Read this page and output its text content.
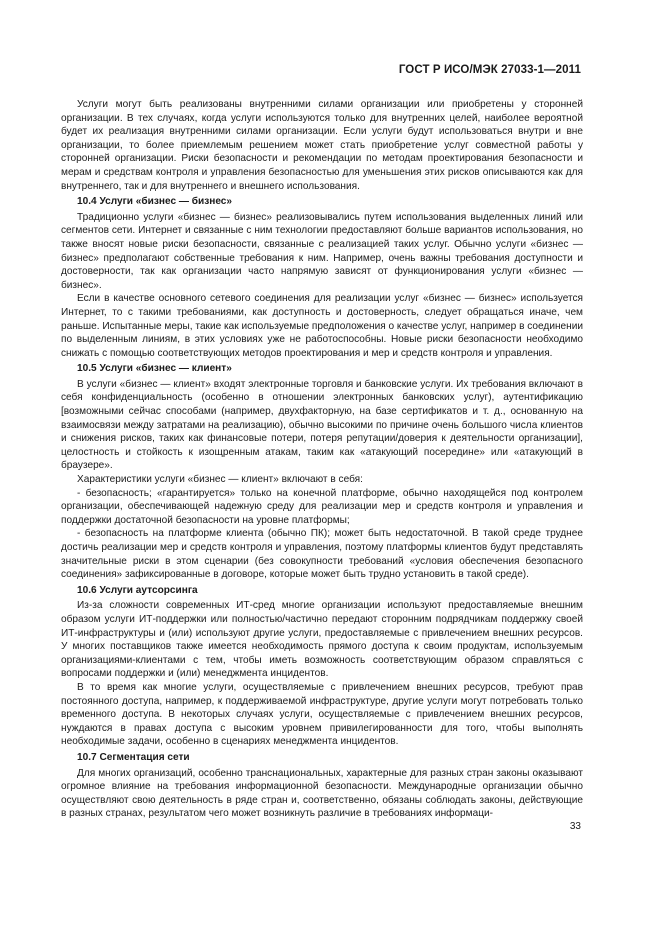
ГОСТ Р ИСО/МЭК 27033-1—2011

Услуги могут быть реализованы внутренними силами организации или приобретены у сторонней организации. В тех случаях, когда услуги используются только для внутренних целей, наиболее вероятной будет их реализация внутренними силами организации. Если услуги будут использоваться внутри и вне организации, то более приемлемым решением может стать приобретение услуг совместной работы у сторонней организации. Риски безопасности и рекомендации по методам проектирования безопасности и мерам и средствам контроля и управления безопасностью для уменьшения этих рисков описываются как для внутреннего, так и для внутреннего и внешнего использования.

10.4 Услуги «бизнес — бизнес»

Традиционно услуги «бизнес — бизнес» реализовывались путем использования выделенных линий или сегментов сети. Интернет и связанные с ним технологии предоставляют больше вариантов использования, но также вносят новые риски безопасности, связанные с реализацией таких услуг. Обычно услуги «бизнес — бизнес» предполагают собственные требования к ним. Например, очень важны требования доступности и достоверности, так как организации часто напрямую зависят от функционирования услуги «бизнес — бизнес».

Если в качестве основного сетевого соединения для реализации услуг «бизнес — бизнес» используется Интернет, то с такими требованиями, как доступность и достоверность, следует обращаться иначе, чем раньше. Испытанные меры, такие как используемые предположения о качестве услуг, например в соединении по выделенным линиям, в этих условиях уже не работоспособны. Новые риски безопасности необходимо снижать с помощью соответствующих методов проектирования и мер и средств контроля и управления.

10.5 Услуги «бизнес — клиент»

В услуги «бизнес — клиент» входят электронные торговля и банковские услуги. Их требования включают в себя конфиденциальность (особенно в отношении электронных банковских услуг), аутентификацию [возможными сейчас способами (например, двухфакторную, на базе сертификатов и т. д., основанную на взаимосвязи между затратами на реализацию), обычно высокими по причине очень большого числа клиентов и снижения рисков, таких как финансовые потери, потеря репутации/доверия к деятельности организации], целостность и стойкость к изощренным атакам, таким как «атакующий посередине» или «атакующий в браузере».

Характеристики услуги «бизнес — клиент» включают в себя:

- безопасность; «гарантируется» только на конечной платформе, обычно находящейся под контролем организации, обеспечивающей надежную среду для реализации мер и средств контроля и управления и поддержки достаточной безопасности на уровне платформы;

- безопасность на платформе клиента (обычно ПК); может быть недостаточной. В такой среде труднее достичь реализации мер и средств контроля и управления, поэтому платформы клиентов будут представлять значительные риски в этом сценарии (без совокупности требований «условия обеспечения безопасного соединения» зафиксированные в договоре, которые может быть трудно установить в такой среде).

10.6 Услуги аутсорсинга

Из-за сложности современных ИТ-сред многие организации используют предоставляемые внешним образом услуги ИТ-поддержки или полностью/частично передают сторонним подрядчикам поддержку своей ИТ-инфраструктуры и (или) используют другие услуги, предоставляемые с привлечением внешних ресурсов. У многих поставщиков также имеется необходимость прямого доступа к своим продуктам, используемым организациями-клиентами с тем, чтобы иметь возможность соответствующим образом справляться с вопросами поддержки и (или) менеджмента инцидентов.

В то время как многие услуги, осуществляемые с привлечением внешних ресурсов, требуют прав постоянного доступа, например, к поддерживаемой инфраструктуре, другие услуги могут потребовать только временного доступа. В некоторых случаях услуги, осуществляемые с привлечением внешних ресурсов, нуждаются в правах доступа с высоким уровнем привилегированности для того, чтобы выполнять необходимые задачи, особенно в сценариях менеджмента инцидентов.

10.7 Сегментация сети

Для многих организаций, особенно транснациональных, характерные для разных стран законы оказывают огромное влияние на требования информационной безопасности. Международные организации обычно осуществляют свою деятельность в ряде стран и, соответственно, обязаны соблюдать законы, действующие в разных странах, результатом чего может возникнуть различие в требованиях информаци-

33
